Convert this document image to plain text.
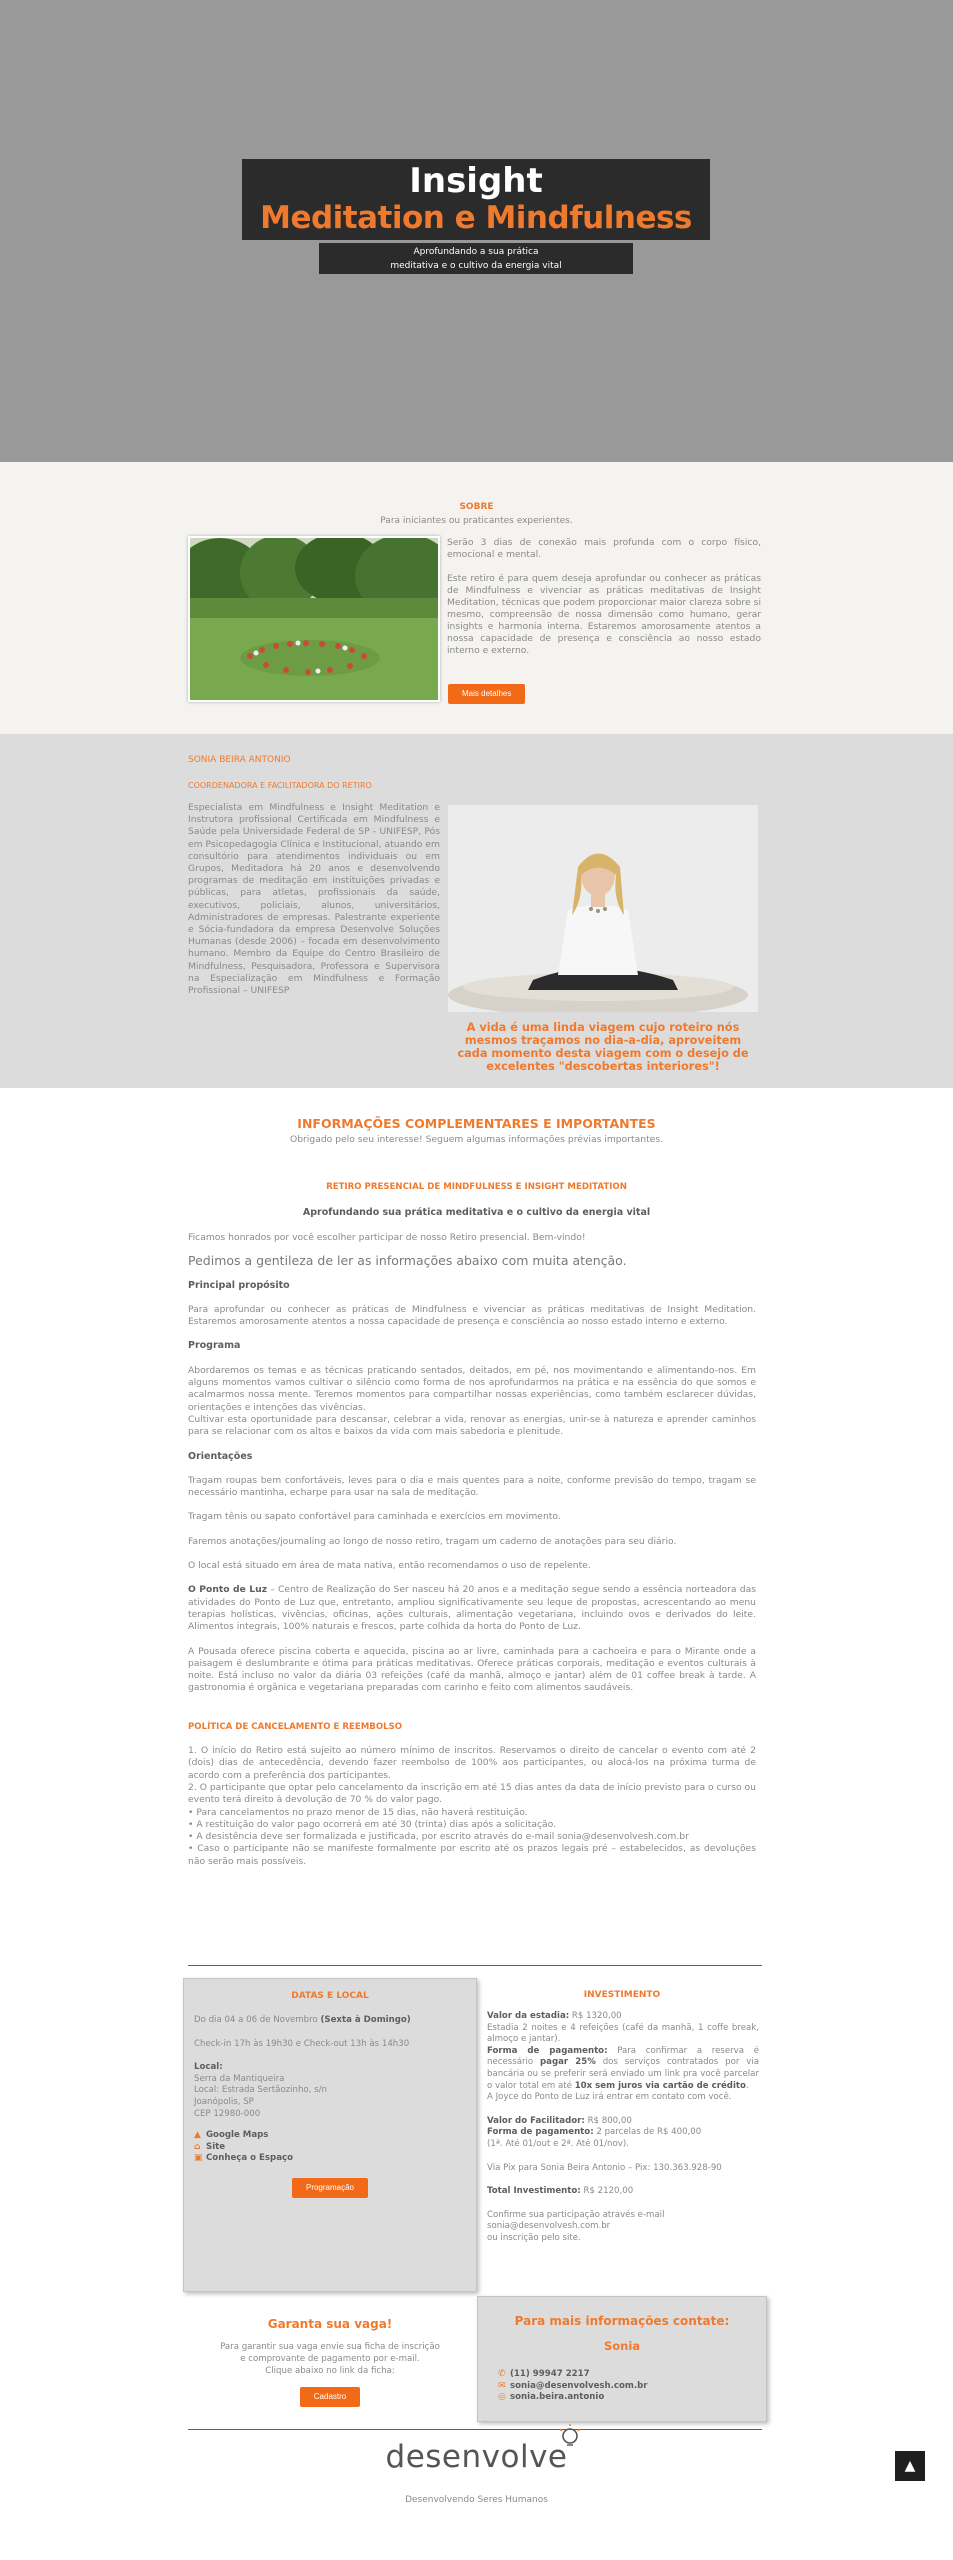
Insight
Meditation e Mindfulness
Aprofundando a sua prática
meditativa e o cultivo da energia vital
SOBRE
Para iniciantes ou praticantes experientes.

Serão 3 dias de conexão mais profunda com o corpo físico, emocional e mental.

Este retiro é para quem deseja aprofundar ou conhecer as práticas de Mindfulness e vivenciar as práticas meditativas de Insight Meditation, técnicas que podem proporcionar maior clareza sobre si mesmo, compreensão de nossa dimensão como humano, gerar insights e harmonia interna. Estaremos amorosamente atentos a nossa capacidade de presença e consciência ao nosso estado interno e externo.

Mais detalhes
SONIA BEIRA ANTONIO
COORDENADORA E FACILITADORA DO RETIRO
Especialista em Mindfulness e Insight Meditation e Instrutora profissional Certificada em Mindfulness e Saúde pela Universidade Federal de SP - UNIFESP, Pós em Psicopedagogia Clínica e Institucional, atuando em consultório para atendimentos individuais ou em Grupos, Meditadora há 20 anos e desenvolvendo programas de meditação em instituições privadas e públicas, para atletas, profissionais da saúde, executivos, policiais, alunos, universitários, Administradores de empresas. Palestrante experiente e Sócia-fundadora da empresa Desenvolve Soluções Humanas (desde 2006) – focada em desenvolvimento humano. Membro da Equipe do Centro Brasileiro de Mindfulness, Pesquisadora, Professora e Supervisora na Especialização em Mindfulness e Formação Profissional – UNIFESP
A vida é uma linda viagem cujo roteiro nós mesmos traçamos no dia-a-dia, aproveitem cada momento desta viagem com o desejo de excelentes "descobertas interiores"!
INFORMAÇÕES COMPLEMENTARES E IMPORTANTES
Obrigado pelo seu interesse! Seguem algumas informações prévias importantes.
RETIRO PRESENCIAL DE MINDFULNESS E INSIGHT MEDITATION
Aprofundando sua prática meditativa e o cultivo da energia vital

Ficamos honrados por você escolher participar de nosso Retiro presencial. Bem-vindo!

Pedimos a gentileza de ler as informações abaixo com muita atenção.

Principal propósito

Para aprofundar ou conhecer as práticas de Mindfulness e vivenciar as práticas meditativas de Insight Meditation. Estaremos amorosamente atentos a nossa capacidade de presença e consciência ao nosso estado interno e externo.

Programa

Abordaremos os temas e as técnicas praticando sentados, deitados, em pé, nos movimentando e alimentando-nos. Em alguns momentos vamos cultivar o silêncio como forma de nos aprofundarmos na prática e na essência do que somos e acalmarmos nossa mente. Teremos momentos para compartilhar nossas experiências, como também esclarecer dúvidas, orientações e intenções das vivências.

Cultivar esta oportunidade para descansar, celebrar a vida, renovar as energias, unir-se à natureza e aprender caminhos para se relacionar com os altos e baixos da vida com mais sabedoria e plenitude.

Orientações

Tragam roupas bem confortáveis, leves para o dia e mais quentes para a noite, conforme previsão do tempo, tragam se necessário mantinha, echarpe para usar na sala de meditação.

Tragam tênis ou sapato confortável para caminhada e exercícios em movimento.

Faremos anotações/journaling ao longo de nosso retiro, tragam um caderno de anotações para seu diário.

O local está situado em área de mata nativa, então recomendamos o uso de repelente.

O Ponto de Luz – Centro de Realização do Ser nasceu há 20 anos e a meditação segue sendo a essência norteadora das atividades do Ponto de Luz que, entretanto, ampliou significativamente seu leque de propostas, acrescentando ao menu terapias holísticas, vivências, oficinas, ações culturais, alimentação vegetariana, incluindo ovos e derivados do leite. Alimentos integrais, 100% naturais e frescos, parte colhida da horta do Ponto de Luz.

A Pousada oferece piscina coberta e aquecida, piscina ao ar livre, caminhada para a cachoeira e para o Mirante onde a paisagem é deslumbrante e ótima para práticas meditativas. Oferece práticas corporais, meditação e eventos culturais à noite. Está incluso no valor da diária 03 refeições (café da manhã, almoço e jantar) além de 01 coffee break à tarde. A gastronomia é orgânica e vegetariana preparadas com carinho e feito com alimentos saudáveis.

POLÍTICA DE CANCELAMENTO E REEMBOLSO

1. O início do Retiro está sujeito ao número mínimo de inscritos. Reservamos o direito de cancelar o evento com até 2 (dois) dias de antecedência, devendo fazer reembolso de 100% aos participantes, ou alocá-los na próxima turma de acordo com a preferência dos participantes.

2. O participante que optar pelo cancelamento da inscrição em até 15 dias antes da data de início previsto para o curso ou evento terá direito à devolução de 70 % do valor pago.

• Para cancelamentos no prazo menor de 15 dias, não haverá restituição.

• A restituição do valor pago ocorrerá em até 30 (trinta) dias após a solicitação.

• A desistência deve ser formalizada e justificada, por escrito através do e-mail sonia@desenvolvesh.com.br

• Caso o participante não se manifeste formalmente por escrito até os prazos legais pré – estabelecidos, as devoluções não serão mais possíveis.

DATAS E LOCAL

Do dia 04 a 06 de Novembro (Sexta à Domingo)

Check-in 17h às 19h30 e Check-out 13h às 14h30

Local:

Serra da Mantiqueira

Local: Estrada Sertãozinho, s/n

Joanópolis, SP

CEP 12980-000

▲ Google Maps

⌂ Site

▣ Conheça o Espaço

Programação
INVESTIMENTO

Valor da estadia: R$ 1320,00

Estadia 2 noites e 4 refeições (café da manhã, 1 coffe break, almoço e jantar).

Forma de pagamento: Para confirmar a reserva é necessário pagar 25% dos serviços contratados por via bancária ou se preferir será enviado um link pra você parcelar o valor total em até 10x sem juros via cartão de crédito.

A Joyce do Ponto de Luz irá entrar em contato com você.

Valor do Facilitador: R$ 800,00

Forma de pagamento: 2 parcelas de R$ 400,00

(1ª. Até 01/out e 2ª. Até 01/nov).

Via Pix para Sonia Beira Antonio – Pix: 130.363.928-90

Total Investimento: R$ 2120,00

Confirme sua participação através e-mail

sonia@desenvolvesh.com.br

ou inscrição pelo site.

Garanta sua vaga!

Para garantir sua vaga envie sua ficha de inscrição e comprovante de pagamento por e-mail.

Clique abaixo no link da ficha:

Cadastro
Para mais informações contate:
Sonia

✆ (11) 99947 2217

✉ sonia@desenvolvesh.com.br

◎ sonia.beira.antonio

desenvolve
Desenvolvendo Seres Humanos
▲
